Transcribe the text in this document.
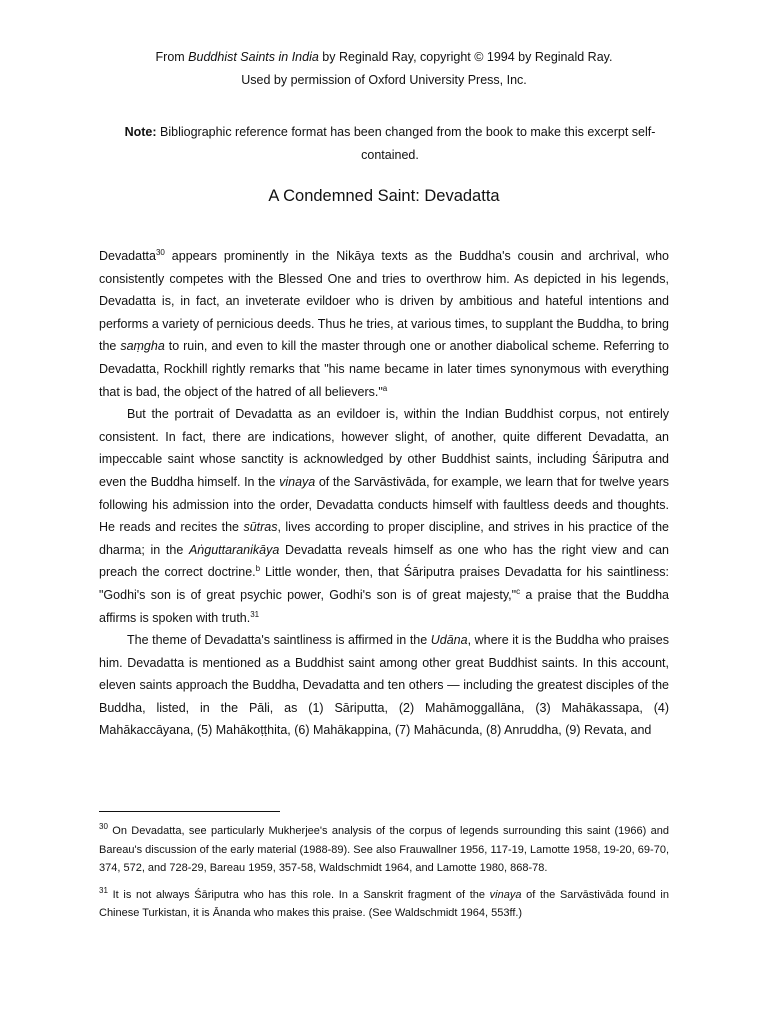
From Buddhist Saints in India by Reginald Ray, copyright © 1994 by Reginald Ray.
Used by permission of Oxford University Press, Inc.
Note: Bibliographic reference format has been changed from the book to make this excerpt self-contained.
A Condemned Saint: Devadatta

Devadatta$^{30}$ appears prominently in the Nikāya texts as the Buddha's cousin and archrival, who consistently competes with the Blessed One and tries to overthrow him. As depicted in his legends, Devadatta is, in fact, an inveterate evildoer who is driven by ambitious and hateful intentions and performs a variety of pernicious deeds. Thus he tries, at various times, to supplant the Buddha, to bring the saṃgha to ruin, and even to kill the master through one or another diabolical scheme. Referring to Devadatta, Rockhill rightly remarks that "his name became in later times synonymous with everything that is bad, the object of the hatred of all believers."$^a$

But the portrait of Devadatta as an evildoer is, within the Indian Buddhist corpus, not entirely consistent. In fact, there are indications, however slight, of another, quite different Devadatta, an impeccable saint whose sanctity is acknowledged by other Buddhist saints, including Śāriputra and even the Buddha himself. In the vinaya of the Sarvāstivāda, for example, we learn that for twelve years following his admission into the order, Devadatta conducts himself with faultless deeds and thoughts. He reads and recites the sūtras, lives according to proper discipline, and strives in his practice of the dharma; in the Aṅguttaranikāya Devadatta reveals himself as one who has the right view and can preach the correct doctrine.$^b$ Little wonder, then, that Śāriputra praises Devadatta for his saintliness: "Godhi's son is of great psychic power, Godhi's son is of great majesty,"$^c$ a praise that the Buddha affirms is spoken with truth.$^{31}$

The theme of Devadatta's saintliness is affirmed in the Udāna, where it is the Buddha who praises him. Devadatta is mentioned as a Buddhist saint among other great Buddhist saints. In this account, eleven saints approach the Buddha, Devadatta and ten others — including the greatest disciples of the Buddha, listed, in the Pāli, as (1) Sāriputta, (2) Mahāmoggallāna, (3) Mahākassapa, (4) Mahākaccāyana, (5) Mahākoṭṭhita, (6) Mahākappina, (7) Mahācunda, (8) Anruddha, (9) Revata, and

$^{30}$ On Devadatta, see particularly Mukherjee's analysis of the corpus of legends surrounding this saint (1966) and Bareau's discussion of the early material (1988-89). See also Frauwallner 1956, 117-19, Lamotte 1958, 19-20, 69-70, 374, 572, and 728-29, Bareau 1959, 357-58, Waldschmidt 1964, and Lamotte 1980, 868-78.

$^{31}$ It is not always Śāriputra who has this role. In a Sanskrit fragment of the vinaya of the Sarvāstivāda found in Chinese Turkistan, it is Ānanda who makes this praise. (See Waldschmidt 1964, 553ff.)
